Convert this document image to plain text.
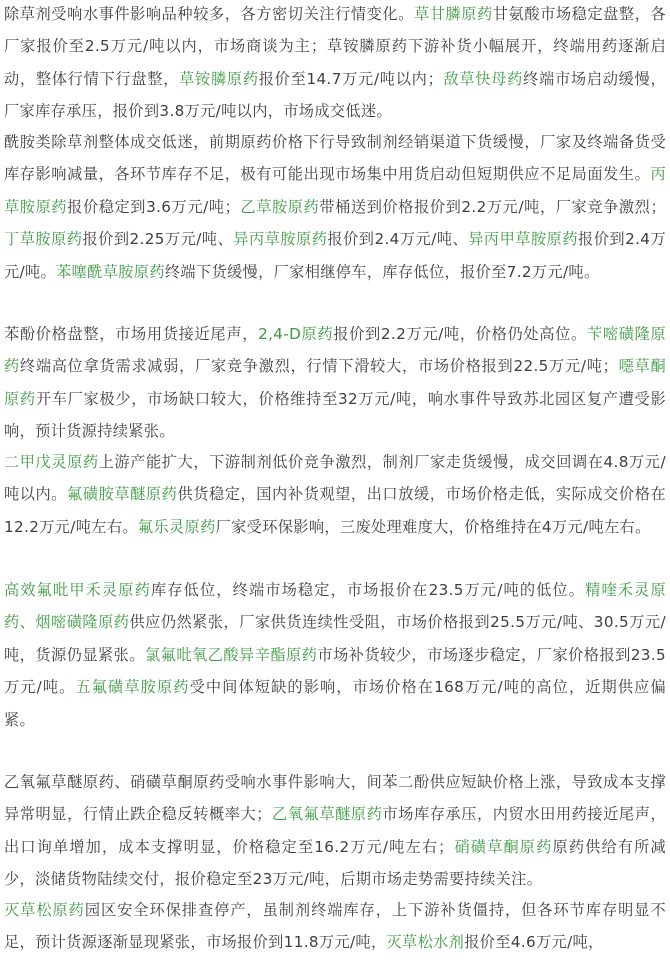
除草剂受响水事件影响品种较多，各方密切关注行情变化。草甘膦原药甘氨酸市场稳定盘整，各厂家报价至2.5万元/吨以内，市场商谈为主；草铵膦原药下游补货小幅展开，终端用药逐渐启动，整体行情下行盘整，草铵膦原药报价至14.7万元/吨以内；敌草快母药终端市场启动缓慢，厂家库存承压，报价到3.8万元/吨以内，市场成交低迷。

酰胺类除草剂整体成交低迷，前期原药价格下行导致制剂经销渠道下货缓慢，厂家及终端备货受库存影响减量，各环节库存不足，极有可能出现市场集中用货启动但短期供应不足局面发生。丙草胺原药报价稳定到3.6万元/吨；乙草胺原药带桶送到价格报价到2.2万元/吨，厂家竞争激烈；丁草胺原药报价到2.25万元/吨、异丙草胺原药报价到2.4万元/吨、异丙甲草胺原药报价到2.4万元/吨。苯噻酰草胺原药终端下货缓慢，厂家相继停车，库存低位，报价至7.2万元/吨。

苯酚价格盘整，市场用货接近尾声，2,4-D原药报价到2.2万元/吨，价格仍处高位。苄嘧磺隆原药终端高位拿货需求减弱，厂家竞争激烈，行情下滑较大，市场价格报到22.5万元/吨；噁草酮原药开车厂家极少，市场缺口较大，价格维持至32万元/吨，响水事件导致苏北园区复产遭受影响，预计货源持续紧张。

二甲戊灵原药上游产能扩大，下游制剂低价竞争激烈，制剂厂家走货缓慢，成交回调在4.8万元/吨以内。氟磺胺草醚原药供货稳定，国内补货观望，出口放缓，市场价格走低，实际成交价格在12.2万元/吨左右。氟乐灵原药厂家受环保影响，三废处理难度大，价格维持在4万元/吨左右。

高效氟吡甲禾灵原药库存低位，终端市场稳定，市场报价在23.5万元/吨的低位。精喹禾灵原药、烟嘧磺隆原药供应仍然紧张，厂家供货连续性受阻，市场价格报到25.5万元/吨、30.5万元/吨，货源仍显紧张。氯氟吡氧乙酸异辛酯原药市场补货较少，市场逐步稳定，厂家价格报到23.5万元/吨。五氟磺草胺原药受中间体短缺的影响，市场价格在168万元/吨的高位，近期供应偏紧。

乙氧氟草醚原药、硝磺草酮原药受响水事件影响大，间苯二酚供应短缺价格上涨，导致成本支撑异常明显，行情止跌企稳反转概率大；乙氧氟草醚原药市场库存承压，内贸水田用药接近尾声，出口询单增加，成本支撑明显，价格稳定至16.2万元/吨左右；硝磺草酮原药原药供给有所减少，淡储货物陆续交付，报价稳定至23万元/吨，后期市场走势需要持续关注。

灭草松原药园区安全环保排查停产，虽制剂终端库存，上下游补货僵持，但各环节库存明显不足，预计货源逐渐显现紧张，市场报价到11.8万元/吨，灭草松水剂报价至4.6万元/吨，
